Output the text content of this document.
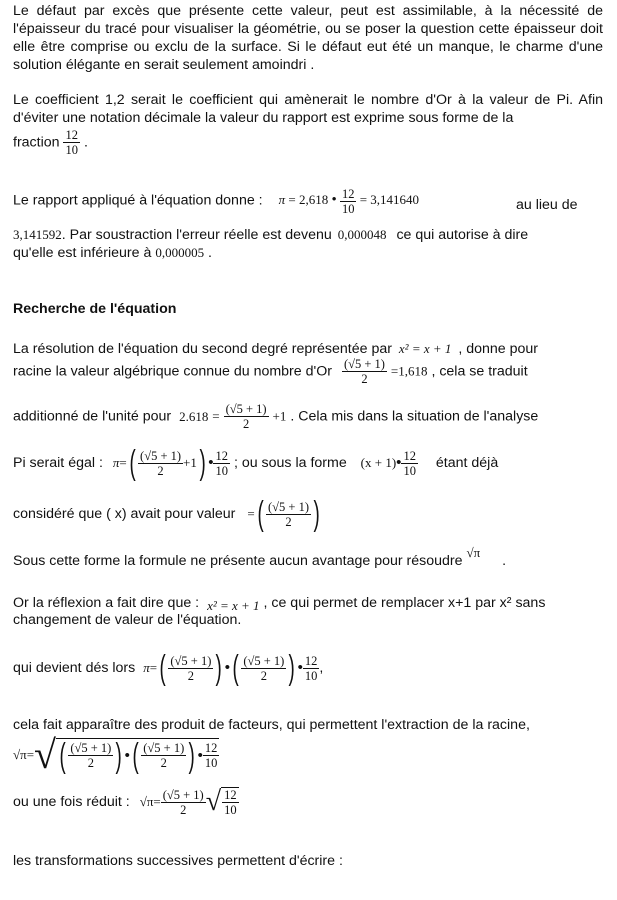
Le défaut par excès que présente cette valeur, peut est assimilable, à la nécessité de l'épaisseur du tracé pour visualiser la géométrie, ou se poser la question cette épaisseur doit elle être comprise ou exclu de la surface. Si le défaut eut été un manque, le charme d'une solution élégante en serait seulement amoindri .
Le coefficient 1,2 serait le coefficient qui amènerait le nombre d'Or à la valeur de Pi. Afin d'éviter une notation décimale la valeur du rapport est exprime sous forme de la
fraction $\frac{12}{10}$ .
Le rapport appliqué à l'équation donne : π = 2,618 • $\frac{12}{10} = 3,141640$	au lieu de
3,141592. Par soustraction l'erreur réelle est devenu 0,000048 ce qui autorise à dire
qu'elle est inférieure à 0,000005 .
Recherche de l'équation
La résolution de l'équation du second degré représentée par x² = x + 1 , donne pour
racine la valeur algébrique connue du nombre $d'Or \frac{(√5 + 1)}{2} =1,618$ , cela se traduit
additionné de l'unité pour $2.618 = \frac{(√5 + 1)}{2} +1$ . Cela mis dans la situation de l'analyse
Pi serait égal : $\pi=( \frac{(√5 + 1)}{2} +1)$ • $\frac{12}{10}$ ; ou sous la forme (x + 1)• $\frac{12}{10}$ étant déjà
considéré que ( x) avait pour valeur =( $\frac{(√5 + 1)}{2}$ )
Sous cette forme la formule ne présente aucun avantage pour résoudre √π .
Or la réflexion a fait dire que : x² = x + 1 , ce qui permet de remplacer x+1 par x² sans
changement de valeur de l'équation.
qui devient dés lors $\pi=( \frac{(√5 + 1)}{2}$ ) •( $\frac{(√5 + 1)}{2}$ ) • $\frac{12}{10}$ ,
cela fait apparaître des produit de facteurs, qui permettent l'extraction de la racine,
√π=√ ( $\frac{(√5 + 1)}{2}$ ) •( $\frac{(√5 + 1)}{2}$ ) • $\frac{12}{10}$
ou une fois réduit : $√\pi= \frac{(√5 + 1)}{2}$ √ $\frac{12}{10}$
les transformations successives permettent d'écrire :
